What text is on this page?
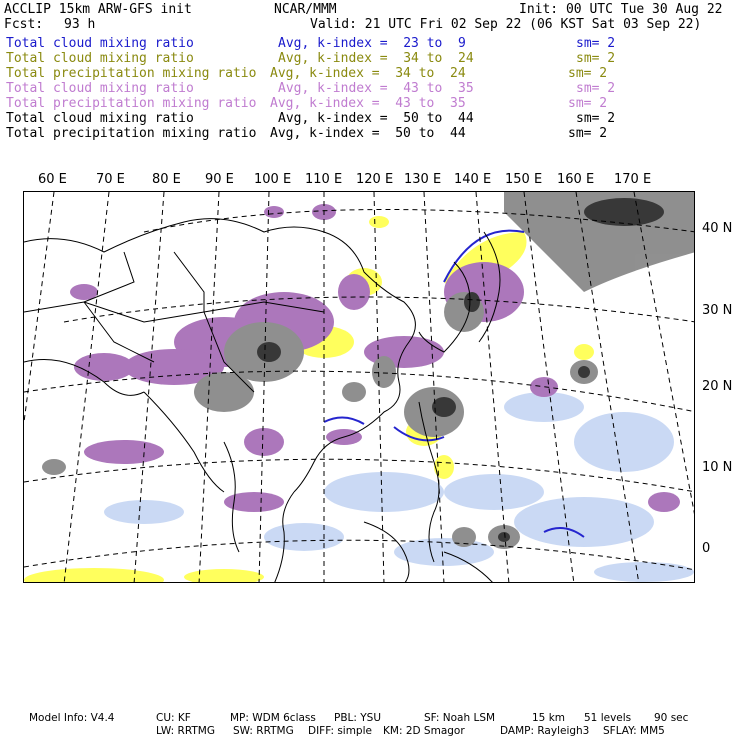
ACCLIP 15km ARW-GFS init	NCAR/MMM	Init: 00 UTC Tue 30 Aug 22
Fcst: 93 h	Valid: 21 UTC Fri 02 Sep 22 (06 KST Sat 03 Sep 22)
Total cloud mixing ratio	Avg, k-index =  23 to  9	sm= 2
Total cloud mixing ratio	Avg, k-index =  34 to  24	sm= 2
Total precipitation mixing ratio Avg, k-index =  34 to  24	sm= 2
Total cloud mixing ratio	Avg, k-index =  43 to  35	sm= 2
Total precipitation mixing ratio Avg, k-index =  43 to  35	sm= 2
Total cloud mixing ratio	Avg, k-index =  50 to  44	sm= 2
Total precipitation mixing ratio Avg, k-index =  50 to  44	sm= 2
60 E 70 E 80 E 90 E 100 E 110 E 120 E 130 E 140 E 150 E 160 E 170 E
40 N
30 N
20 N
10 N
0
Model Info: V4.4	CU: KF	MP: WDM 6class PBL: YSU	SF: Noah LSM	15 km 51 levels 90 sec
LW: RRTMG SW: RRTMG DIFF: simple KM: 2D Smagor	DAMP: Rayleigh3 SFLAY: MM5
